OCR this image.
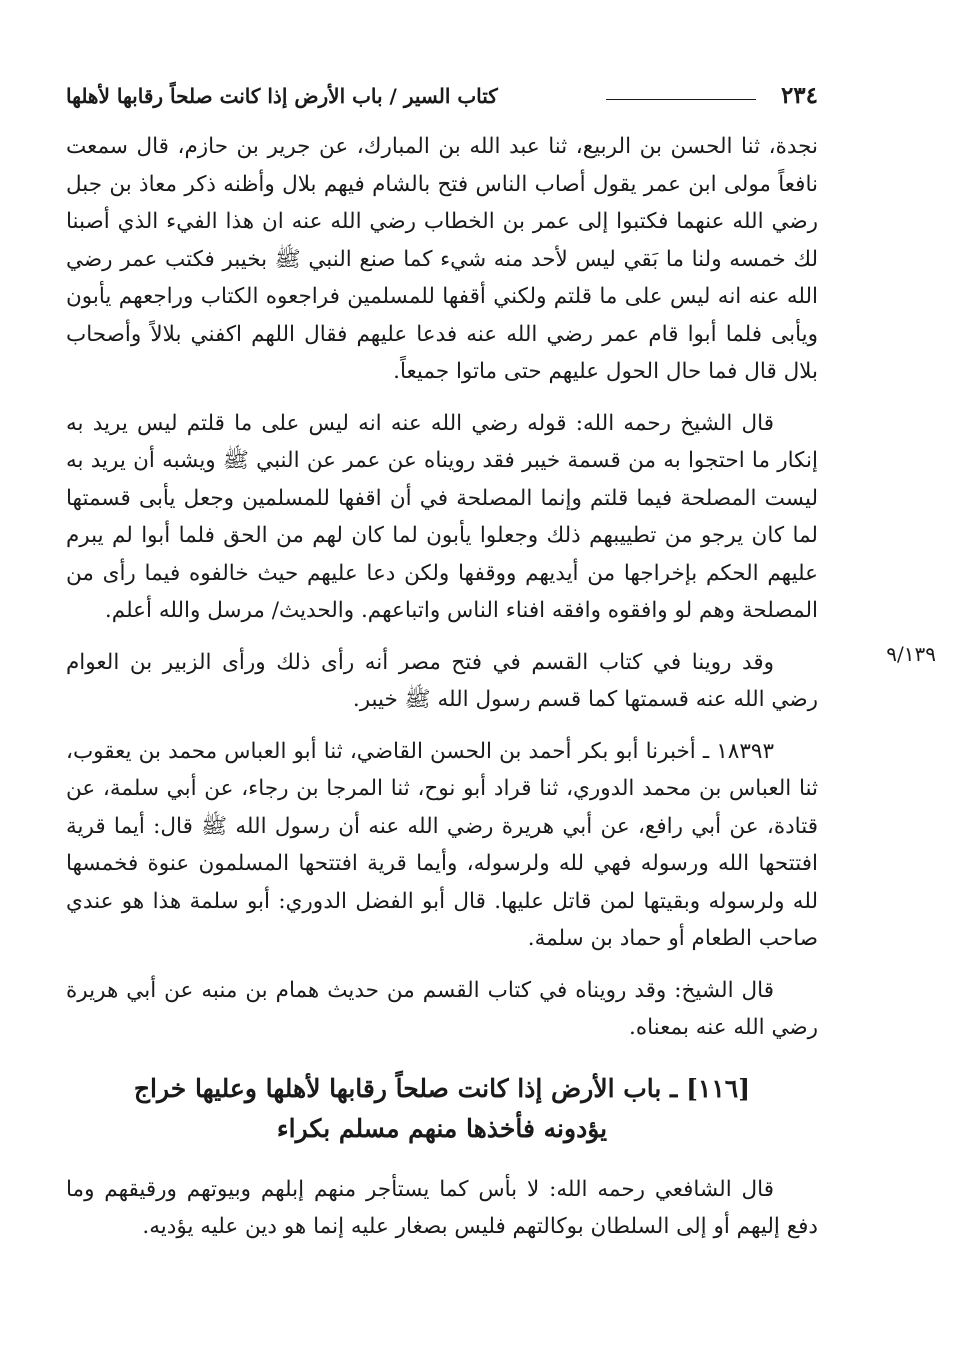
٢٣٤
كتاب السير / باب الأرض إذا كانت صلحاً رقابها لأهلها
٩/١٣٩

نجدة، ثنا الحسن بن الربيع، ثنا عبد الله بن المبارك، عن جرير بن حازم، قال سمعت نافعاً مولى ابن عمر يقول أصاب الناس فتح بالشام فيهم بلال وأظنه ذكر معاذ بن جبل رضي الله عنهما فكتبوا إلى عمر بن الخطاب رضي الله عنه ان هذا الفيء الذي أصبنا لك خمسه ولنا ما بَقي ليس لأحد منه شيء كما صنع النبي ﷺ بخيبر فكتب عمر رضي الله عنه انه ليس على ما قلتم ولكني أقفها للمسلمين فراجعوه الكتاب وراجعهم يأبون ويأبى فلما أبوا قام عمر رضي الله عنه فدعا عليهم فقال اللهم اكفني بلالاً وأصحاب بلال قال فما حال الحول عليهم حتى ماتوا جميعاً.

قال الشيخ رحمه الله: قوله رضي الله عنه انه ليس على ما قلتم ليس يريد به إنكار ما احتجوا به من قسمة خيبر فقد رويناه عن عمر عن النبي ﷺ ويشبه أن يريد به ليست المصلحة فيما قلتم وإنما المصلحة في أن اقفها للمسلمين وجعل يأبى قسمتها لما كان يرجو من تطييبهم ذلك وجعلوا يأبون لما كان لهم من الحق فلما أبوا لم يبرم عليهم الحكم بإخراجها من أيديهم ووقفها ولكن دعا عليهم حيث خالفوه فيما رأى من المصلحة وهم لو وافقوه وافقه افناء الناس واتباعهم. والحديث/ مرسل والله أعلم.

وقد روينا في كتاب القسم في فتح مصر أنه رأى ذلك ورأى الزبير بن العوام رضي الله عنه قسمتها كما قسم رسول الله ﷺ خيبر.

١٨٣٩٣ ـ أخبرنا أبو بكر أحمد بن الحسن القاضي، ثنا أبو العباس محمد بن يعقوب، ثنا العباس بن محمد الدوري، ثنا قراد أبو نوح، ثنا المرجا بن رجاء، عن أبي سلمة، عن قتادة، عن أبي رافع، عن أبي هريرة رضي الله عنه أن رسول الله ﷺ قال: أيما قرية افتتحها الله ورسوله فهي لله ولرسوله، وأيما قرية افتتحها المسلمون عنوة فخمسها لله ولرسوله وبقيتها لمن قاتل عليها. قال أبو الفضل الدوري: أبو سلمة هذا هو عندي صاحب الطعام أو حماد بن سلمة.

قال الشيخ: وقد رويناه في كتاب القسم من حديث همام بن منبه عن أبي هريرة رضي الله عنه بمعناه.

[١١٦] ـ باب الأرض إذا كانت صلحاً رقابها لأهلها وعليها خراج يؤدونه فأخذها منهم مسلم بكراء

قال الشافعي رحمه الله: لا بأس كما يستأجر منهم إبلهم وبيوتهم ورقيقهم وما دفع إليهم أو إلى السلطان بوكالتهم فليس بصغار عليه إنما هو دين عليه يؤديه.
